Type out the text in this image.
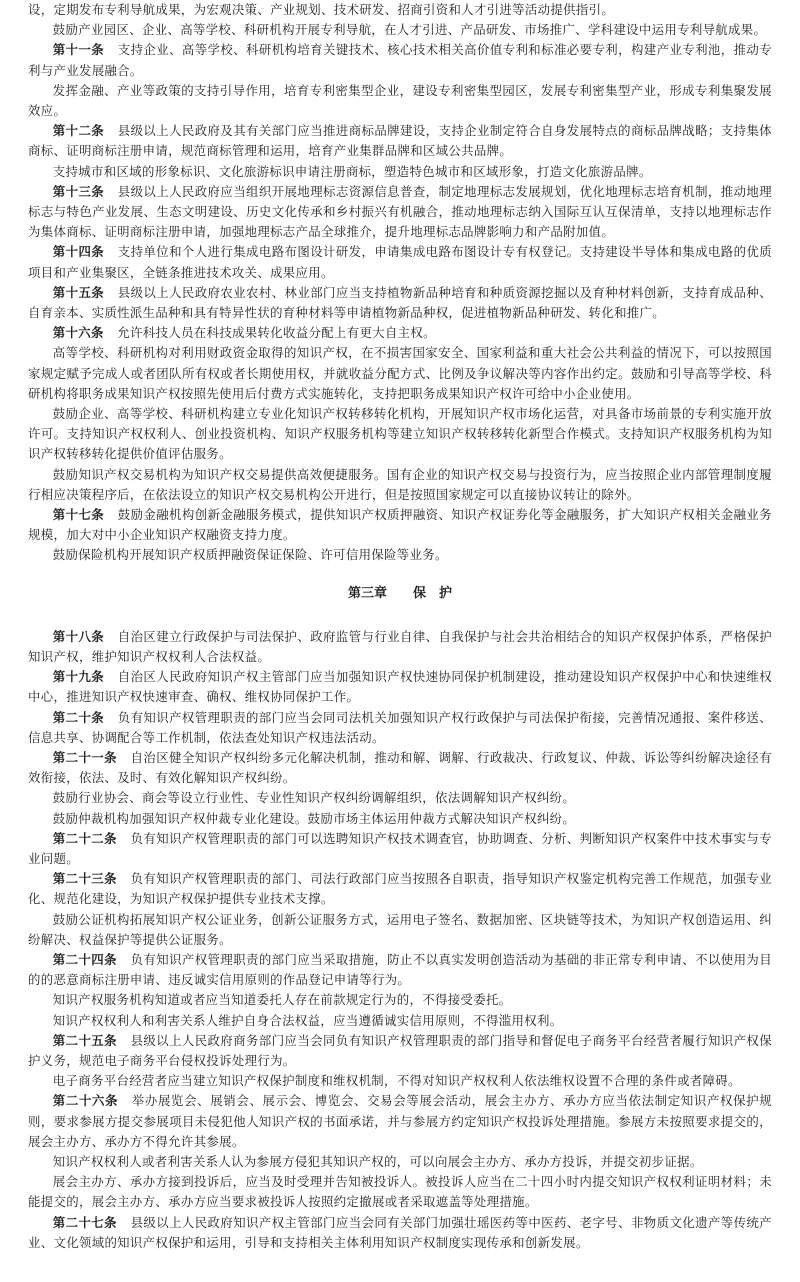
设，定期发布专利导航成果，为宏观决策、产业规划、技术研发、招商引资和人才引进等活动提供指引。

鼓励产业园区、企业、高等学校、科研机构开展专利导航，在人才引进、产品研发、市场推广、学科建设中运用专利导航成果。

第十一条 支持企业、高等学校、科研机构培育关键技术、核心技术相关高价值专利和标准必要专利，构建产业专利池，推动专利与产业发展融合。

发挥金融、产业等政策的支持引导作用，培育专利密集型企业，建设专利密集型园区，发展专利密集型产业，形成专利集聚发展效应。

第十二条 县级以上人民政府及其有关部门应当推进商标品牌建设，支持企业制定符合自身发展特点的商标品牌战略；支持集体商标、证明商标注册申请，规范商标管理和运用，培育产业集群品牌和区域公共品牌。

支持城市和区域的形象标识、文化旅游标识申请注册商标，塑造特色城市和区域形象，打造文化旅游品牌。

第十三条 县级以上人民政府应当组织开展地理标志资源信息普查，制定地理标志发展规划，优化地理标志培育机制，推动地理标志与特色产业发展、生态文明建设、历史文化传承和乡村振兴有机融合，推动地理标志纳入国际互认互保清单，支持以地理标志作为集体商标、证明商标注册申请，加强地理标志产品全球推介，提升地理标志品牌影响力和产品附加值。

第十四条 支持单位和个人进行集成电路布图设计研发，申请集成电路布图设计专有权登记。支持建设半导体和集成电路的优质项目和产业集聚区，全链条推进技术攻关、成果应用。

第十五条 县级以上人民政府农业农村、林业部门应当支持植物新品种培育和种质资源挖掘以及育种材料创新，支持育成品种、自育亲本、实质性派生品种和具有特异性状的育种材料等申请植物新品种权，促进植物新品种研发、转化和推广。

第十六条 允许科技人员在科技成果转化收益分配上有更大自主权。

高等学校、科研机构对利用财政资金取得的知识产权，在不损害国家安全、国家利益和重大社会公共利益的情况下，可以按照国家规定赋予完成人或者团队所有权或者长期使用权，并就收益分配方式、比例及争议解决等内容作出约定。鼓励和引导高等学校、科研机构将职务成果知识产权按照先使用后付费方式实施转化，支持把职务成果知识产权许可给中小企业使用。

鼓励企业、高等学校、科研机构建立专业化知识产权转移转化机构，开展知识产权市场化运营，对具备市场前景的专利实施开放许可。支持知识产权权利人、创业投资机构、知识产权服务机构等建立知识产权转移转化新型合作模式。支持知识产权服务机构为知识产权转移转化提供价值评估服务。

鼓励知识产权交易机构为知识产权交易提供高效便捷服务。国有企业的知识产权交易与投资行为，应当按照企业内部管理制度履行相应决策程序后，在依法设立的知识产权交易机构公开进行，但是按照国家规定可以直接协议转让的除外。

第十七条 鼓励金融机构创新金融服务模式，提供知识产权质押融资、知识产权证券化等金融服务，扩大知识产权相关金融业务规模，加大对中小企业知识产权融资支持力度。

鼓励保险机构开展知识产权质押融资保证保险、许可信用保险等业务。

第三章 保　护

第十八条 自治区建立行政保护与司法保护、政府监管与行业自律、自我保护与社会共治相结合的知识产权保护体系，严格保护知识产权，维护知识产权权利人合法权益。

第十九条 自治区人民政府知识产权主管部门应当加强知识产权快速协同保护机制建设，推动建设知识产权保护中心和快速维权中心，推进知识产权快速审查、确权、维权协同保护工作。

第二十条 负有知识产权管理职责的部门应当会同司法机关加强知识产权行政保护与司法保护衔接，完善情况通报、案件移送、信息共享、协调配合等工作机制，依法查处知识产权违法活动。

第二十一条 自治区健全知识产权纠纷多元化解决机制，推动和解、调解、行政裁决、行政复议、仲裁、诉讼等纠纷解决途径有效衔接，依法、及时、有效化解知识产权纠纷。

鼓励行业协会、商会等设立行业性、专业性知识产权纠纷调解组织，依法调解知识产权纠纷。

鼓励仲裁机构加强知识产权仲裁专业化建设。鼓励市场主体运用仲裁方式解决知识产权纠纷。

第二十二条 负有知识产权管理职责的部门可以选聘知识产权技术调查官，协助调查、分析、判断知识产权案件中技术事实与专业问题。

第二十三条 负有知识产权管理职责的部门、司法行政部门应当按照各自职责，指导知识产权鉴定机构完善工作规范，加强专业化、规范化建设，为知识产权保护提供专业技术支撑。

鼓励公证机构拓展知识产权公证业务，创新公证服务方式，运用电子签名、数据加密、区块链等技术，为知识产权创造运用、纠纷解决、权益保护等提供公证服务。

第二十四条 负有知识产权管理职责的部门应当采取措施，防止不以真实发明创造活动为基础的非正常专利申请、不以使用为目的的恶意商标注册申请、违反诚实信用原则的作品登记申请等行为。

知识产权服务机构知道或者应当知道委托人存在前款规定行为的，不得接受委托。

知识产权权利人和利害关系人维护自身合法权益，应当遵循诚实信用原则，不得滥用权利。

第二十五条 县级以上人民政府商务部门应当会同负有知识产权管理职责的部门指导和督促电子商务平台经营者履行知识产权保护义务，规范电子商务平台侵权投诉处理行为。

电子商务平台经营者应当建立知识产权保护制度和维权机制，不得对知识产权权利人依法维权设置不合理的条件或者障碍。

第二十六条 举办展览会、展销会、展示会、博览会、交易会等展会活动，展会主办方、承办方应当依法制定知识产权保护规则，要求参展方提交参展项目未侵犯他人知识产权的书面承诺，并与参展方约定知识产权投诉处理措施。参展方未按照要求提交的，展会主办方、承办方不得允许其参展。

知识产权权利人或者利害关系人认为参展方侵犯其知识产权的，可以向展会主办方、承办方投诉，并提交初步证据。

展会主办方、承办方接到投诉后，应当及时受理并告知被投诉人。被投诉人应当在二十四小时内提交知识产权权利证明材料；未能提交的，展会主办方、承办方应当要求被投诉人按照约定撤展或者采取遮盖等处理措施。

第二十七条 县级以上人民政府知识产权主管部门应当会同有关部门加强壮瑶医药等中医药、老字号、非物质文化遗产等传统产业、文化领域的知识产权保护和运用，引导和支持相关主体利用知识产权制度实现传承和创新发展。
